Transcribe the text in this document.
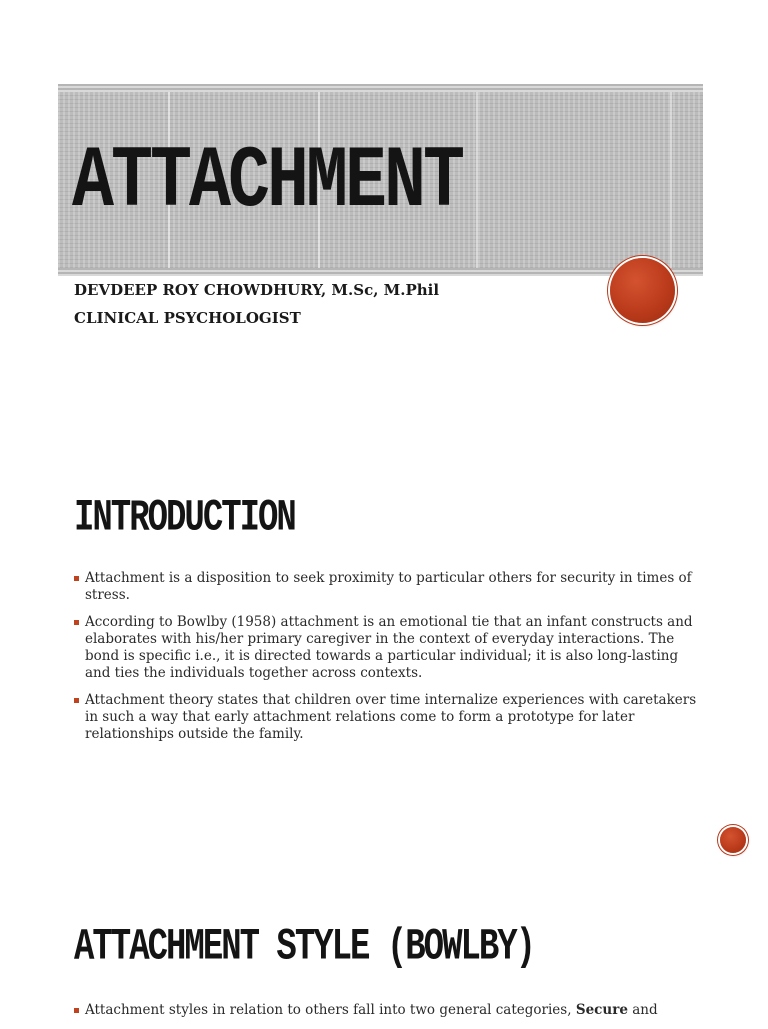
ATTACHMENT
DEVDEEP ROY CHOWDHURY, M.Sc, M.Phil
CLINICAL PSYCHOLOGIST
INTRODUCTION
Attachment is a disposition to seek proximity to particular others for security in times of stress.
According to Bowlby (1958) attachment is an emotional tie that an infant constructs and elaborates with his/her primary caregiver in the context of everyday interactions. The bond is specific i.e., it is directed towards a particular individual; it is also long-lasting and ties the individuals together across contexts.
Attachment theory states that children over time internalize experiences with caretakers in such a way that early attachment relations come to form a prototype for later relationships outside the family.
ATTACHMENT STYLE (BOWLBY)
Attachment styles in relation to others fall into two general categories, Secure and
